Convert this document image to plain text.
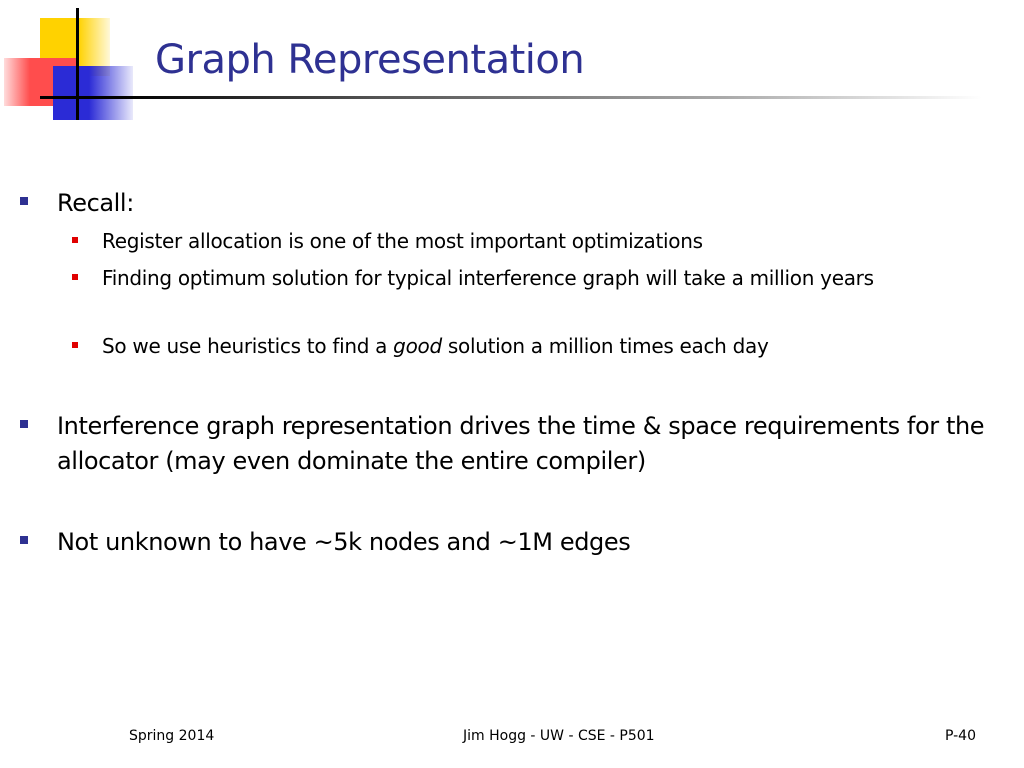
Graph Representation
Recall:
Register allocation is one of the most important optimizations
Finding optimum solution for typical interference graph will take a million years
So we use heuristics to find a good solution a million times each day
Interference graph representation drives the time & space requirements for the allocator (may even dominate the entire compiler)
Not unknown to have ~5k nodes and ~1M edges
Spring 2014	Jim Hogg - UW - CSE - P501	P-40
